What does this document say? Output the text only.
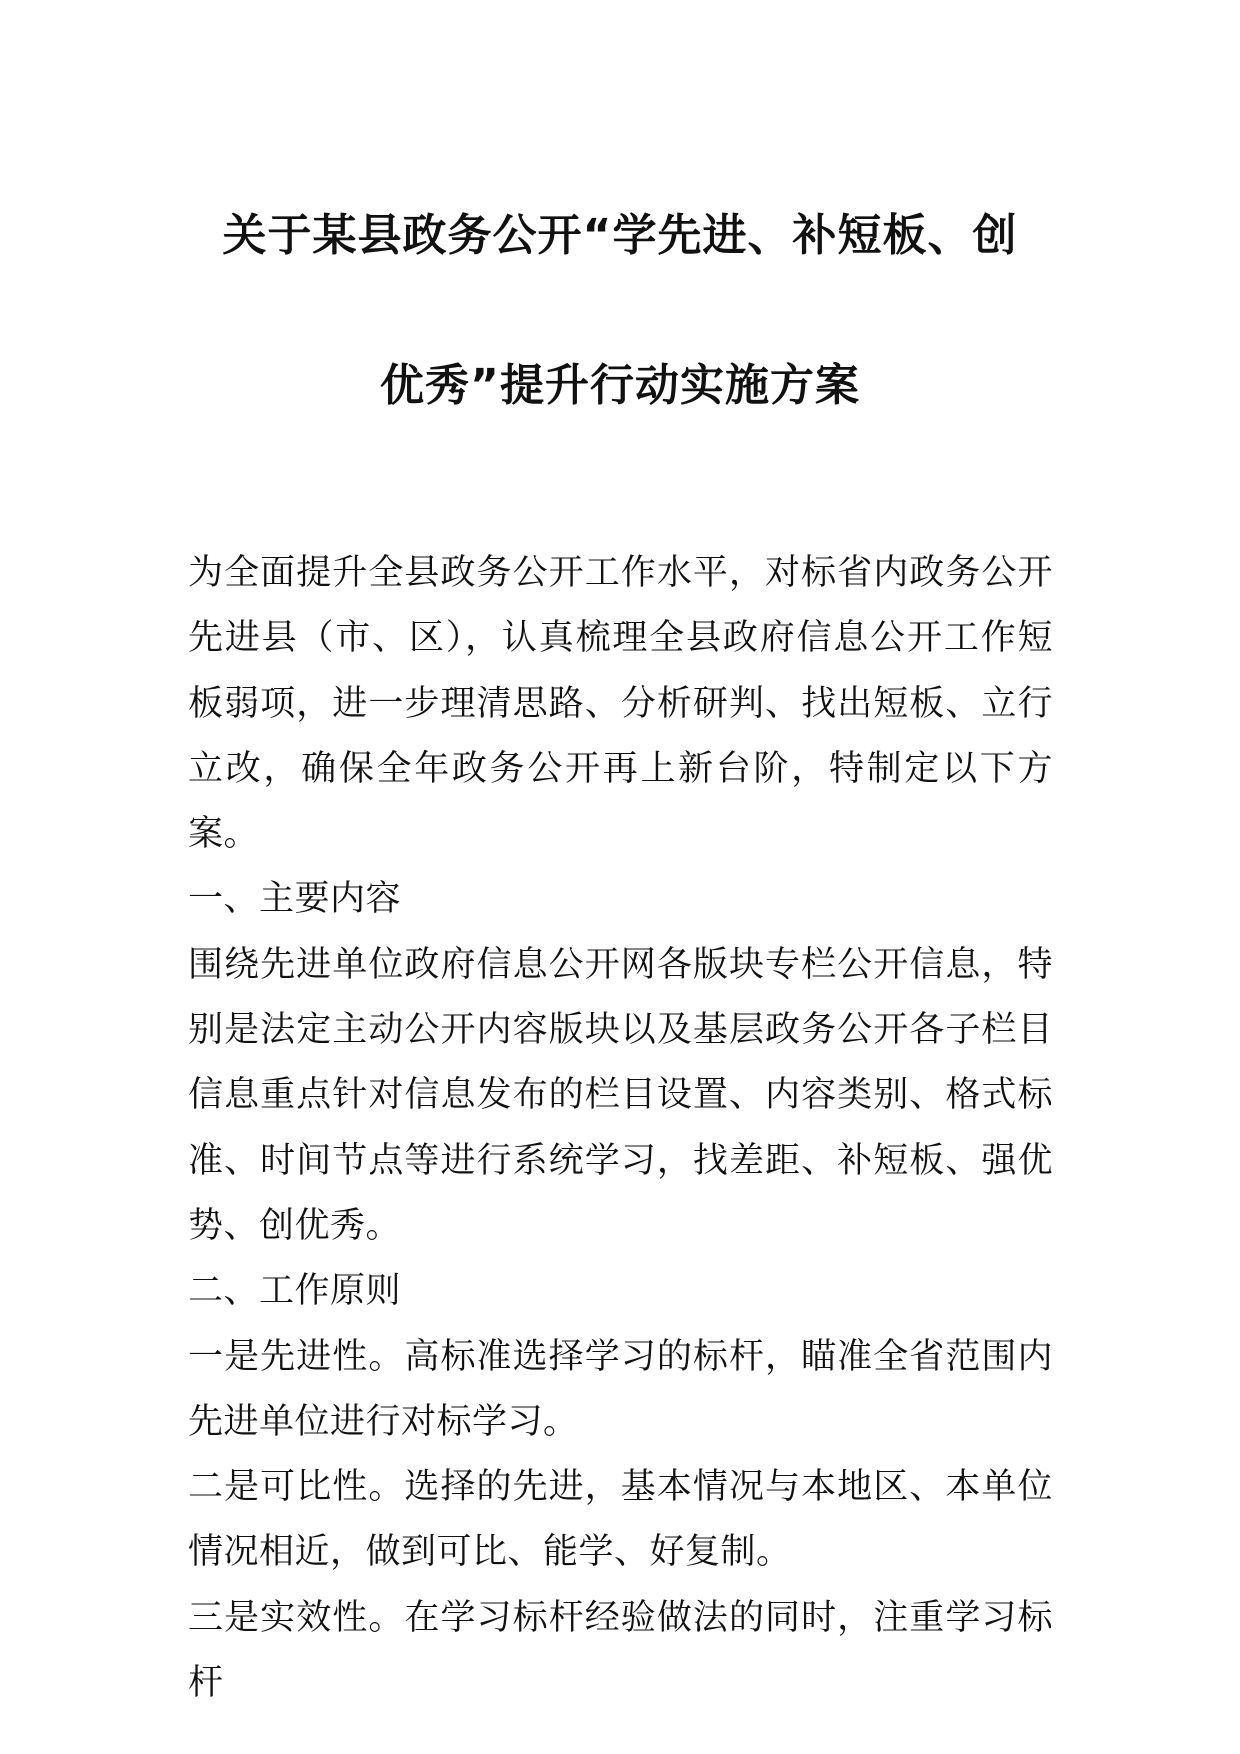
关于某县政务公开“学先进、补短板、创
优秀”提升行动实施方案

为全面提升全县政务公开工作水平，对标省内政务公开先进县（市、区），认真梳理全县政府信息公开工作短板弱项，进一步理清思路、分析研判、找出短板、立行立改，确保全年政务公开再上新台阶，特制定以下方案。

一、主要内容

围绕先进单位政府信息公开网各版块专栏公开信息，特别是法定主动公开内容版块以及基层政务公开各子栏目信息重点针对信息发布的栏目设置、内容类别、格式标准、时间节点等进行系统学习，找差距、补短板、强优势、创优秀。

二、工作原则

一是先进性。高标准选择学习的标杆，瞄准全省范围内先进单位进行对标学习。

二是可比性。选择的先进，基本情况与本地区、本单位情况相近，做到可比、能学、好复制。

三是实效性。在学习标杆经验做法的同时，注重学习标杆
